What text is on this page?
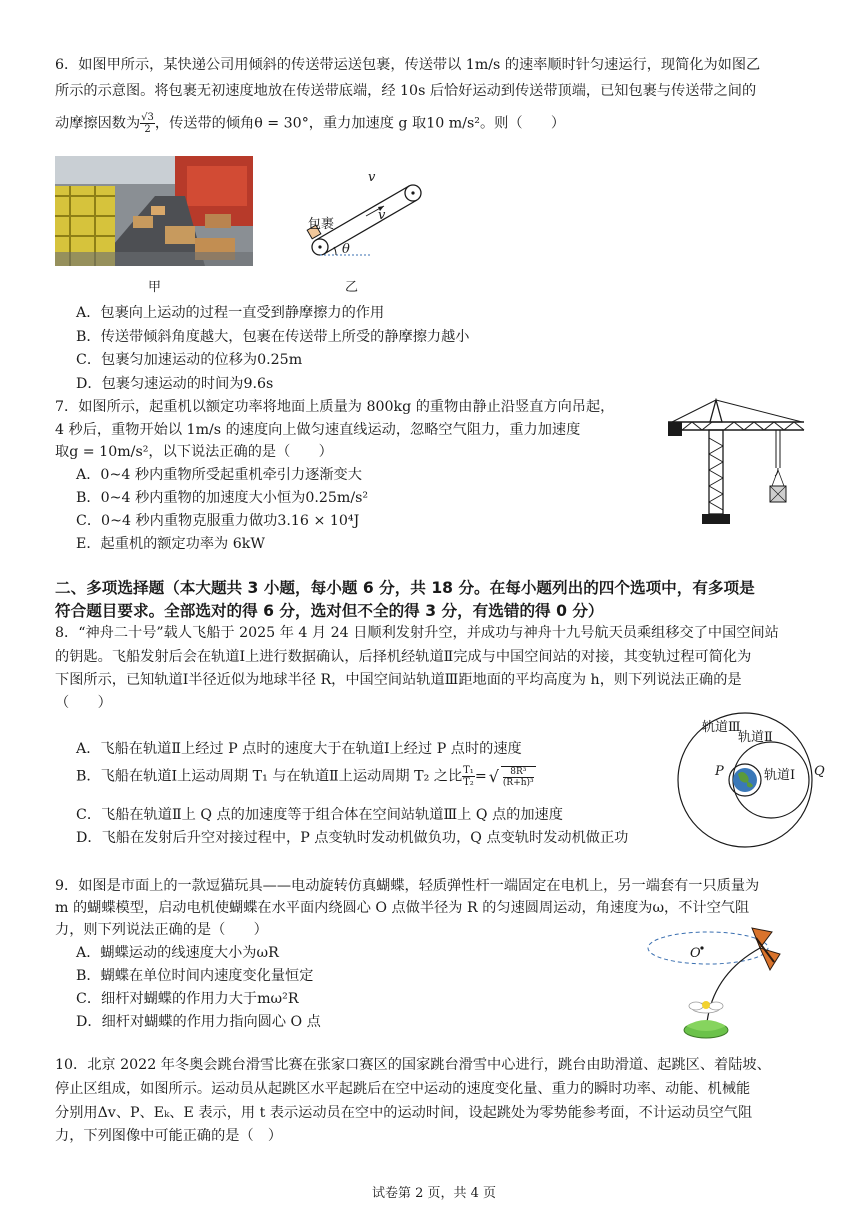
6．如图甲所示，某快递公司用倾斜的传送带运送包裹，传送带以 1m/s 的速率顺时针匀速运行，现简化为如图乙
所示的示意图。将包裹无初速度地放在传送带底端，经 10s 后恰好运动到传送带顶端，已知包裹与传送带之间的
动摩擦因数为 $\frac{√3}{2}$ ，传送带的倾角θ = 30°，重力加速度 g 取10 m/s²。则（　　）
甲
v
v
包裹
θ
乙
A．包裹向上运动的过程一直受到静摩擦力的作用
B．传送带倾斜角度越大，包裹在传送带上所受的静摩擦力越小
C．包裹匀加速运动的位移为0.25m
D．包裹匀速运动的时间为9.6s
7．如图所示，起重机以额定功率将地面上质量为 800kg 的重物由静止沿竖直方向吊起，
4 秒后，重物开始以 1m/s 的速度向上做匀速直线运动，忽略空气阻力，重力加速度
取g = 10m/s²，以下说法正确的是（　　）
A．0~4 秒内重物所受起重机牵引力逐渐变大
B．0~4 秒内重物的加速度大小恒为0.25m/s²
C．0~4 秒内重物克服重力做功3.16 × 10⁴J
E．起重机的额定功率为 6kW
二、多项选择题（本大题共 3 小题，每小题 6 分，共 18 分。在每小题列出的四个选项中，有多项是
符合题目要求。全部选对的得 6 分，选对但不全的得 3 分，有选错的得 0 分）
8．“神舟二十号”载人飞船于 2025 年 4 月 24 日顺利发射升空，并成功与神舟十九号航天员乘组移交了中国空间站
的钥匙。飞船发射后会在轨道Ⅰ上进行数据确认，后择机经轨道Ⅱ完成与中国空间站的对接，其变轨过程可简化为
下图所示，已知轨道Ⅰ半径近似为地球半径 R，中国空间站轨道Ⅲ距地面的平均高度为 h，则下列说法正确的是
（　　）
A．飞船在轨道Ⅱ上经过 P 点时的速度大于在轨道Ⅰ上经过 P 点时的速度
B．飞船在轨道Ⅰ上运动周期 T₁ 与在轨道Ⅱ上运动周期 T₂ 之比 $\frac{\text{T₁}}{\text{T₂}}$ = √ $\frac{\text{8R³}}{\text{(R+h)³}}$
C．飞船在轨道Ⅱ上 Q 点的加速度等于组合体在空间站轨道Ⅲ上 Q 点的加速度
D．飞船在发射后升空对接过程中，P 点变轨时发动机做负功，Q 点变轨时发动机做正功
轨道Ⅲ
轨道Ⅱ
轨道Ⅰ
P	Q
9．如图是市面上的一款逗猫玩具——电动旋转仿真蝴蝶，轻质弹性杆一端固定在电机上，另一端套有一只质量为
m 的蝴蝶模型，启动电机使蝴蝶在水平面内绕圆心 O 点做半径为 R 的匀速圆周运动，角速度为ω，不计空气阻
力，则下列说法正确的是（　　）
A．蝴蝶运动的线速度大小为ωR
B．蝴蝶在单位时间内速度变化量恒定
C．细杆对蝴蝶的作用力大于mω²R
D．细杆对蝴蝶的作用力指向圆心 O 点
O
10．北京 2022 年冬奥会跳台滑雪比赛在张家口赛区的国家跳台滑雪中心进行，跳台由助滑道、起跳区、着陆坡、
停止区组成，如图所示。运动员从起跳区水平起跳后在空中运动的速度变化量、重力的瞬时功率、动能、机械能
分别用Δv、P、Eₖ、E 表示，用 t 表示运动员在空中的运动时间，设起跳处为零势能参考面，不计运动员空气阻
力，下列图像中可能正确的是（　）
试卷第 2 页，共 4 页
